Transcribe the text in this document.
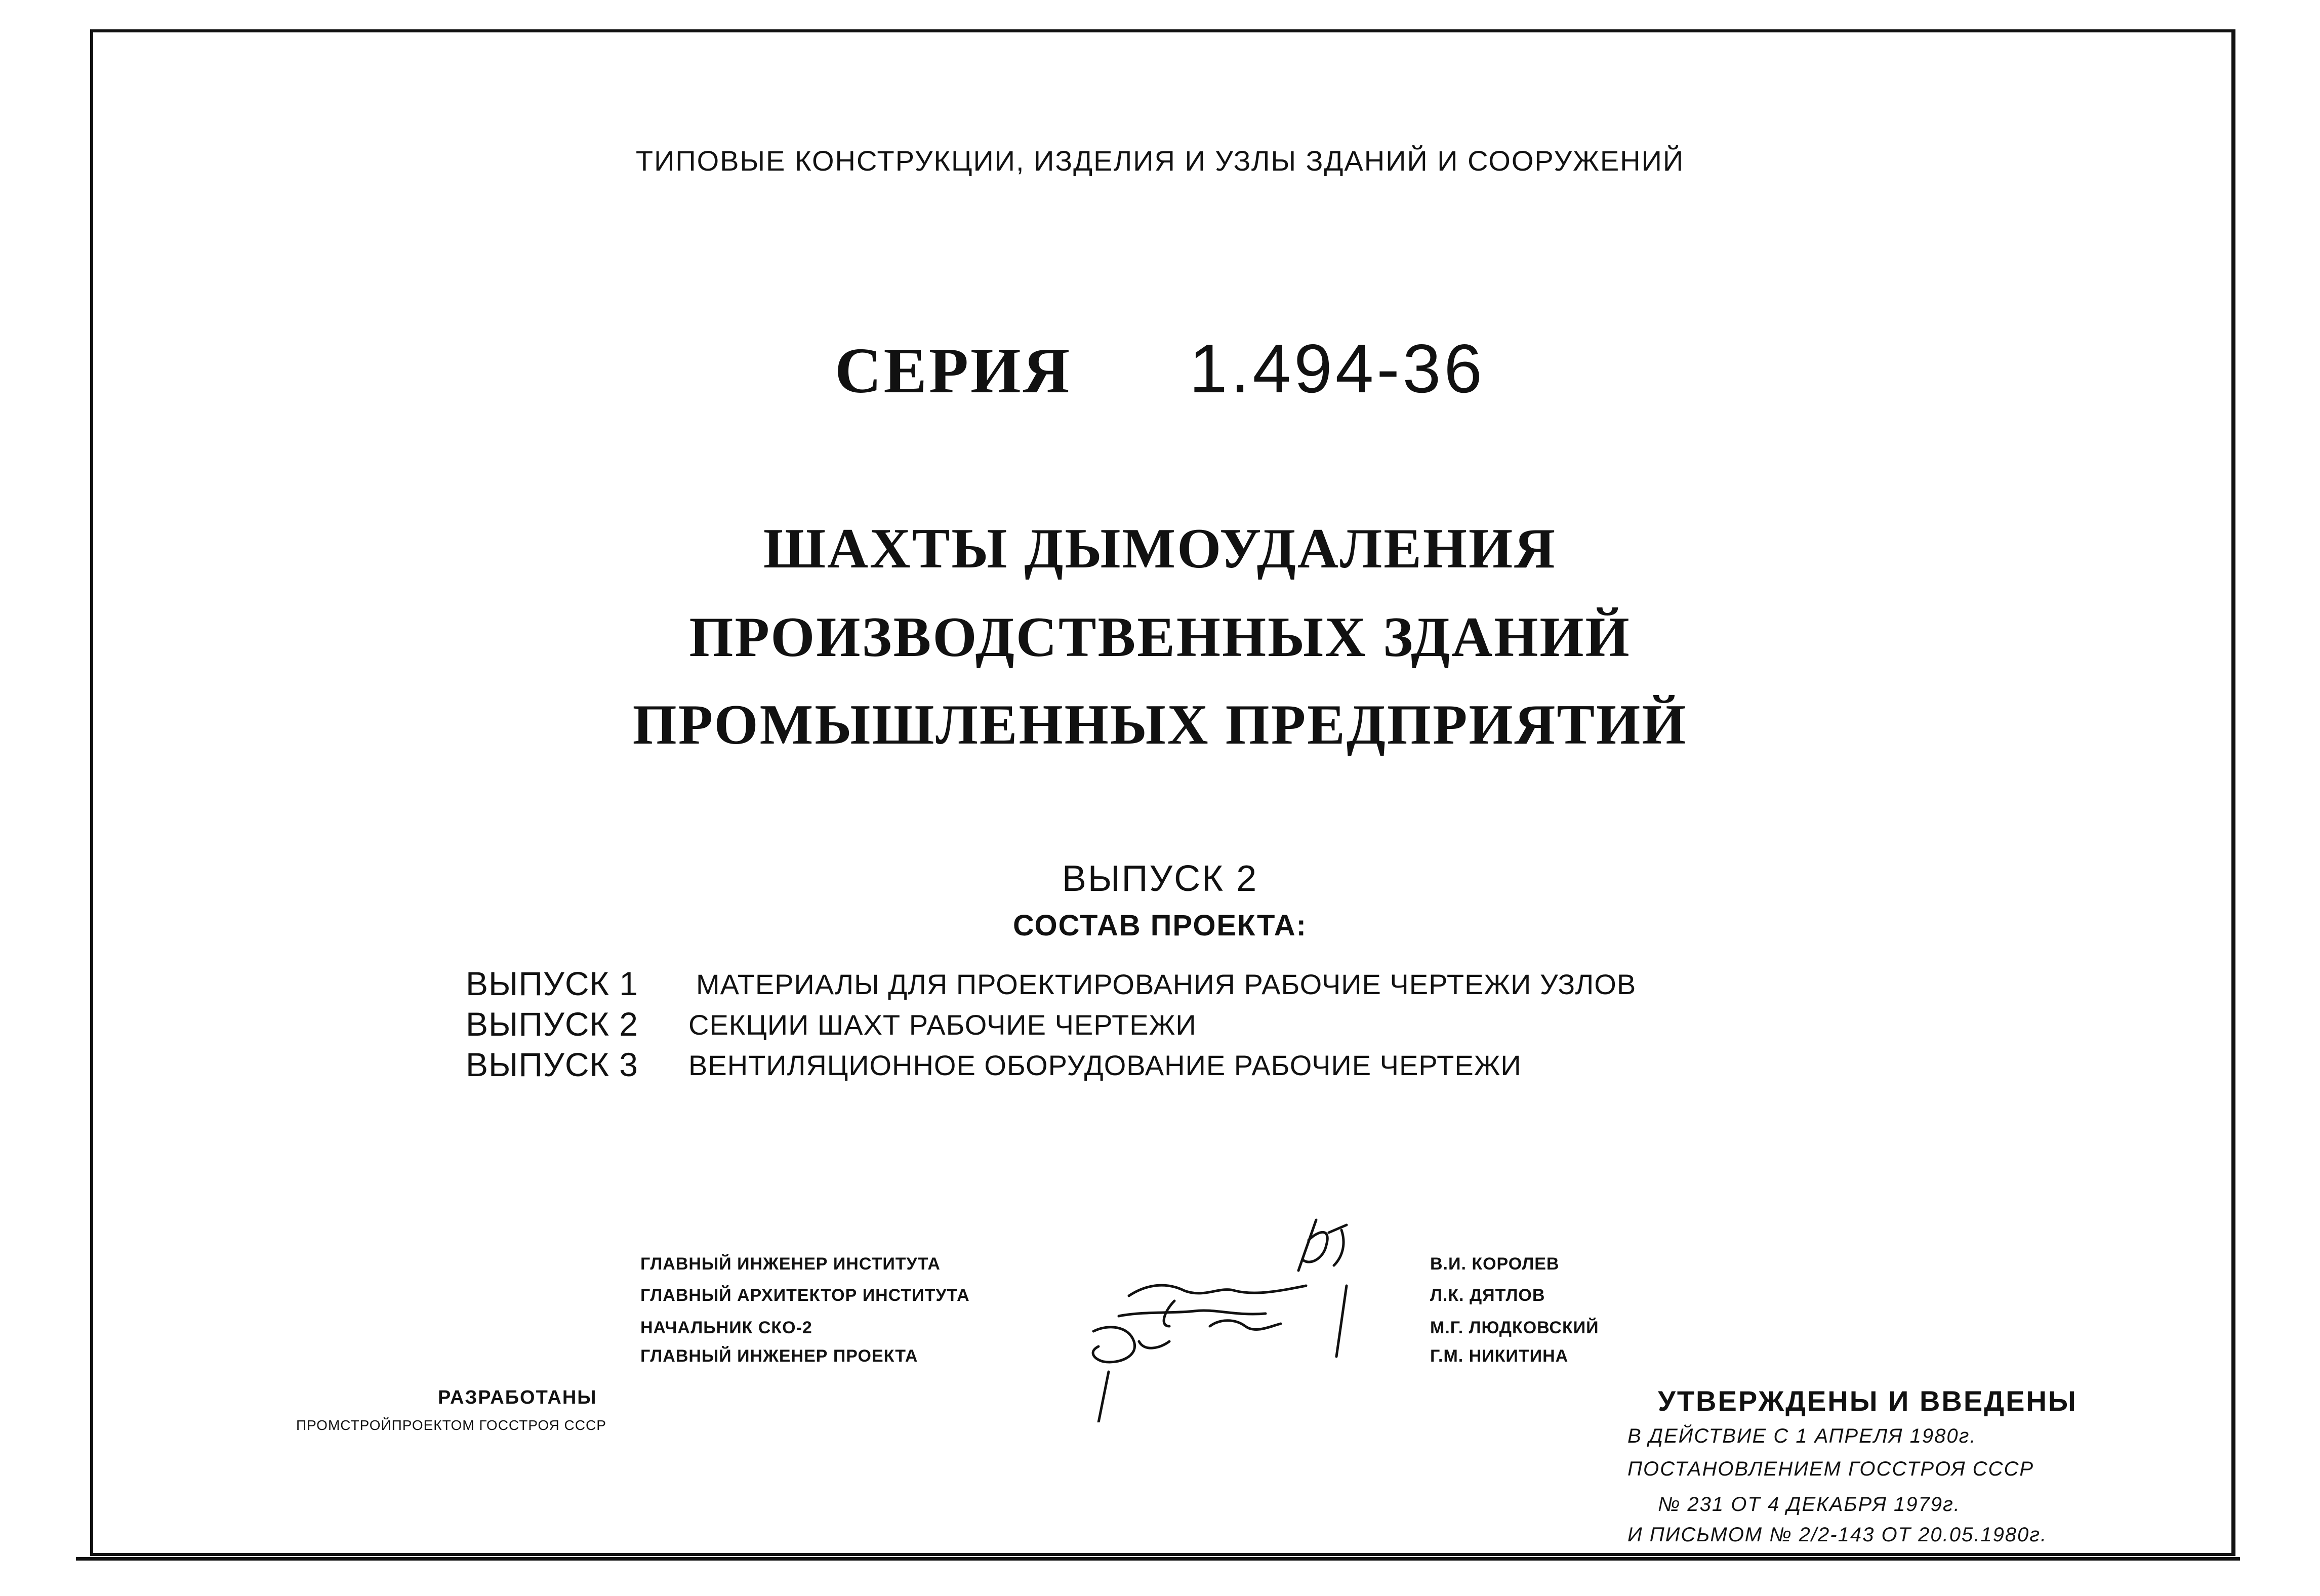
ТИПОВЫЕ КОНСТРУКЦИИ, ИЗДЕЛИЯ И УЗЛЫ ЗДАНИЙ И СООРУЖЕНИЙ
СЕРИЯ 1.494-36
ШАХТЫ ДЫМОУДАЛЕНИЯ
ПРОИЗВОДСТВЕННЫХ ЗДАНИЙ
ПРОМЫШЛЕННЫХ ПРЕДПРИЯТИЙ
ВЫПУСК 2
СОСТАВ ПРОЕКТА:
ВЫПУСК 1 МАТЕРИАЛЫ ДЛЯ ПРОЕКТИРОВАНИЯ РАБОЧИЕ ЧЕРТЕЖИ УЗЛОВ
ВЫПУСК 2 СЕКЦИИ ШАХТ РАБОЧИЕ ЧЕРТЕЖИ
ВЫПУСК 3 ВЕНТИЛЯЦИОННОЕ ОБОРУДОВАНИЕ РАБОЧИЕ ЧЕРТЕЖИ
ГЛАВНЫЙ ИНЖЕНЕР ИНСТИТУТА
ГЛАВНЫЙ АРХИТЕКТОР ИНСТИТУТА
НАЧАЛЬНИК СКО-2
ГЛАВНЫЙ ИНЖЕНЕР ПРОЕКТА
В.И. КОРОЛЕВ
Л.К. ДЯТЛОВ
М.Г. ЛЮДКОВСКИЙ
Г.М. НИКИТИНА
РАЗРАБОТАНЫ
ПРОМСТРОЙПРОЕКТОМ ГОССТРОЯ СССР
УТВЕРЖДЕНЫ И ВВЕДЕНЫ
В ДЕЙСТВИЕ С 1 АПРЕЛЯ 1980г.
ПОСТАНОВЛЕНИЕМ ГОССТРОЯ СССР
№ 231 ОТ 4 ДЕКАБРЯ 1979г.
И ПИСЬМОМ № 2/2-143 ОТ 20.05.1980г.
